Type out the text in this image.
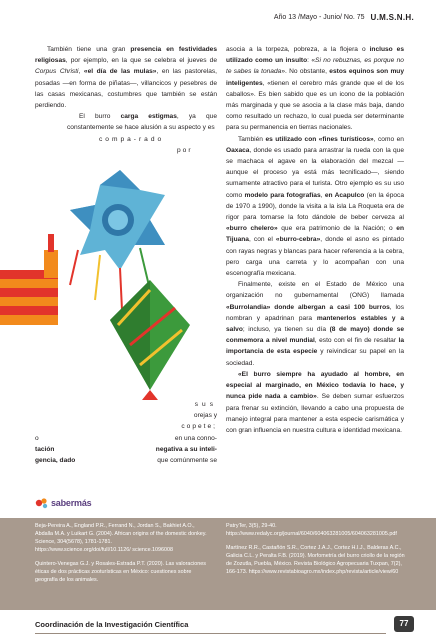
Año 13 /Mayo - Junio/ No. 75 U.M.S.N.H.

También tiene una gran presencia en festividades religiosas, por ejemplo, en la que se celebra el jueves de Corpus Christi, «el día de las mulas», en las pastorelas, posadas —en forma de piñatas—, villancicos y pesebres de las casas mexicanas, costumbres que también se están perdiendo.

El burro carga estigmas, ya que constantemente se hace alusión a su aspecto y es

compa-rado

por

sus
orejas y
copete;
o	en una conno-
tación	negativa a su inteli-
gencia, dado	que comúnmente se

asocia a la torpeza, pobreza, a la flojera o incluso es utilizado como un insulto: «Si no rebuznas, es porque no te sabes la tonada». No obstante, estos equinos son muy inteligentes, «tienen el cerebro más grande que el de los caballos». Es bien sabido que es un icono de la población más marginada y que se asocia a la clase más baja, dando como resultado un rechazo, lo cual pueda ser determinante para su permanencia en tierras nacionales.

También es utilizado con «fines turísticos», como en Oaxaca, donde es usado para arrastrar la rueda con la que se machaca el agave en la elaboración del mezcal —aunque el proceso ya está más tecnificado—, siendo sumamente atractivo para el turista. Otro ejemplo es su uso como modelo para fotografías, en Acapulco (en la época de 1970 a 1990), donde la visita a la isla La Roqueta era de rigor para tomarse la foto dándole de beber cerveza al «burro chelero» que era patrimonio de la Nación; o en Tijuana, con el «burro-cebra», donde el asno es pintado con rayas negras y blancas para hacer referencia a la cebra, pero carga una carreta y lo acompañan con una escenografía mexicana.

Finalmente, existe en el Estado de México una organización no gubernamental (ONG) llamada «Burrolandia» donde albergan a casi 100 burros, los nombran y apadrinan para mantenerlos estables y a salvo; incluso, ya tienen su día (8 de mayo) donde se conmemora a nivel mundial, esto con el fin de resaltar la importancia de esta especie y reivindicar su papel en la sociedad.

«El burro siempre ha ayudado al hombre, en especial al marginado, en México todavía lo hace, y nunca pide nada a cambio». Se deben sumar esfuerzos para frenar su extinción, llevando a cabo una propuesta de manejo integral para mantener a esta especie carismática y con gran influencia en nuestra cultura e identidad mexicana.

sabermás

Beja-Pereira A., England P.R., Ferrand N., Jordan S., Bakhiet A.O., Abdalla M.A. y Luikart G. (2004). African origins of the domestic donkey. Science, 304(5678), 1781-1781. https://www.science.org/doi/full/10.1126/ science.1096008

Quintero-Venegas G.J. y Rosales-Estrada P.T. (2020). Las valoraciones éticas de dos prácticas zooturísticas en México: cuestiones sobre geografía de los animales.

PatryTer, 3(5), 29-40. https://www.redalyc.org/journal/6040/604063281005/604063281005.pdf

Martínez R.R., Castañón S.R., Cortez J.A.J., Cortez H.I.J., Balderas A.C., Galicia C.L. y Peralta F.B. (2019). Morfometría del burro criollo de la región de Zozutla, Puebla, México. Revista Biológico Agropecuaria Tuxpan, 7(2), 166-173. https://www.revistabioagro.mx/index.php/revista/article/view/60

Coordinación de la Investigación Científica	77
